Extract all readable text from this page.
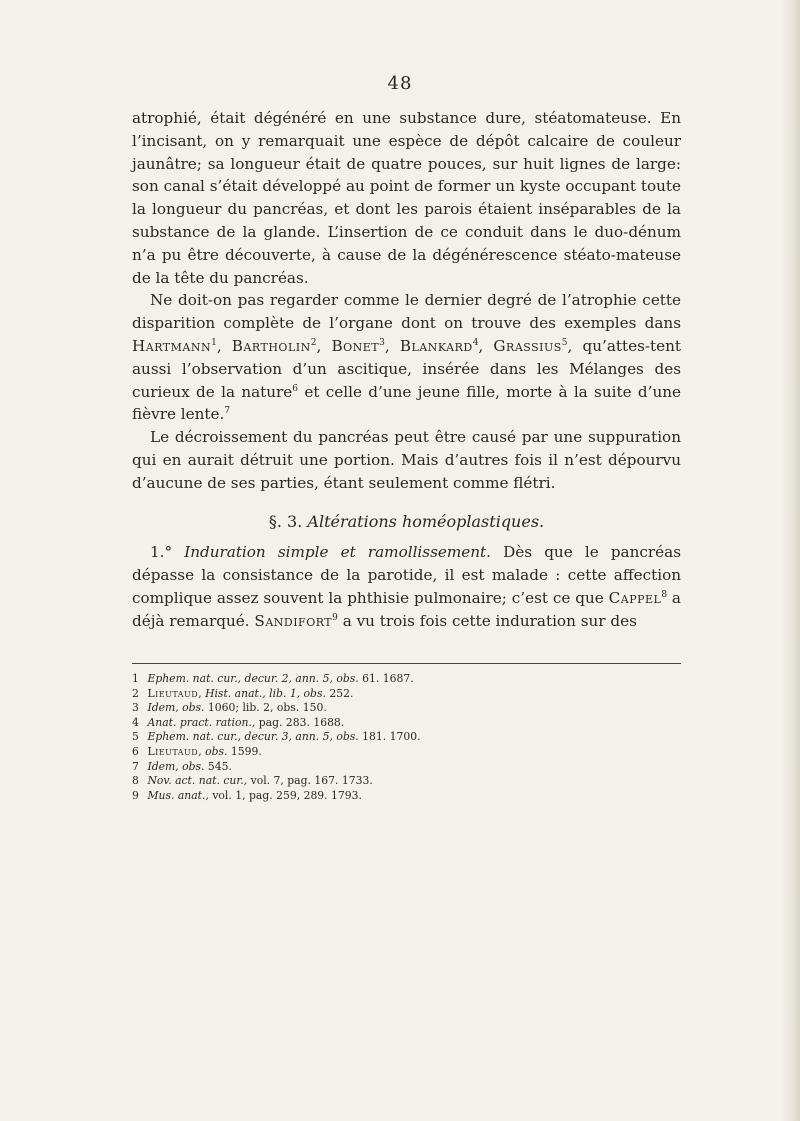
48

atrophié, était dégénéré en une substance dure, stéatomateuse. En l’incisant, on y remarquait une espèce de dépôt calcaire de couleur jaunâtre; sa longueur était de quatre pouces, sur huit lignes de large: son canal s’était développé au point de former un kyste occupant toute la longueur du pancréas, et dont les parois étaient inséparables de la substance de la glande. L’insertion de ce conduit dans le duo-dénum n’a pu être découverte, à cause de la dégénérescence stéato-mateuse de la tête du pancréas.

Ne doit-on pas regarder comme le dernier degré de l’atrophie cette disparition complète de l’organe dont on trouve des exemples dans Hartmann$^1$, Bartholin$^2$, Bonet$^3$, Blankard$^4$, Grassius$^5$, qu’attes-tent aussi l’observation d’un ascitique, insérée dans les Mélanges des curieux de la nature$^6$ et celle d’une jeune fille, morte à la suite d’une fièvre lente.$^7$

Le décroissement du pancréas peut être causé par une suppuration qui en aurait détruit une portion. Mais d’autres fois il n’est dépourvu d’aucune de ses parties, étant seulement comme flétri.

§. 3. Altérations homéoplastiques.

1.° Induration simple et ramollissement. Dès que le pancréas dépasse la consistance de la parotide, il est malade : cette affection complique assez souvent la phthisie pulmonaire; c’est ce que Cappel$^8$ a déjà remarqué. Sandifort$^9$ a vu trois fois cette induration sur des

1 Ephem. nat. cur., decur. 2, ann. 5, obs. 61. 1687.
2 Lieutaud, Hist. anat., lib. 1, obs. 252.
3 Idem, obs. 1060; lib. 2, obs. 150.
4 Anat. pract. ration., pag. 283. 1688.
5 Ephem. nat. cur., decur. 3, ann. 5, obs. 181. 1700.
6 Lieutaud, obs. 1599.
7 Idem, obs. 545.
8 Nov. act. nat. cur., vol. 7, pag. 167. 1733.
9 Mus. anat., vol. 1, pag. 259, 289. 1793.
